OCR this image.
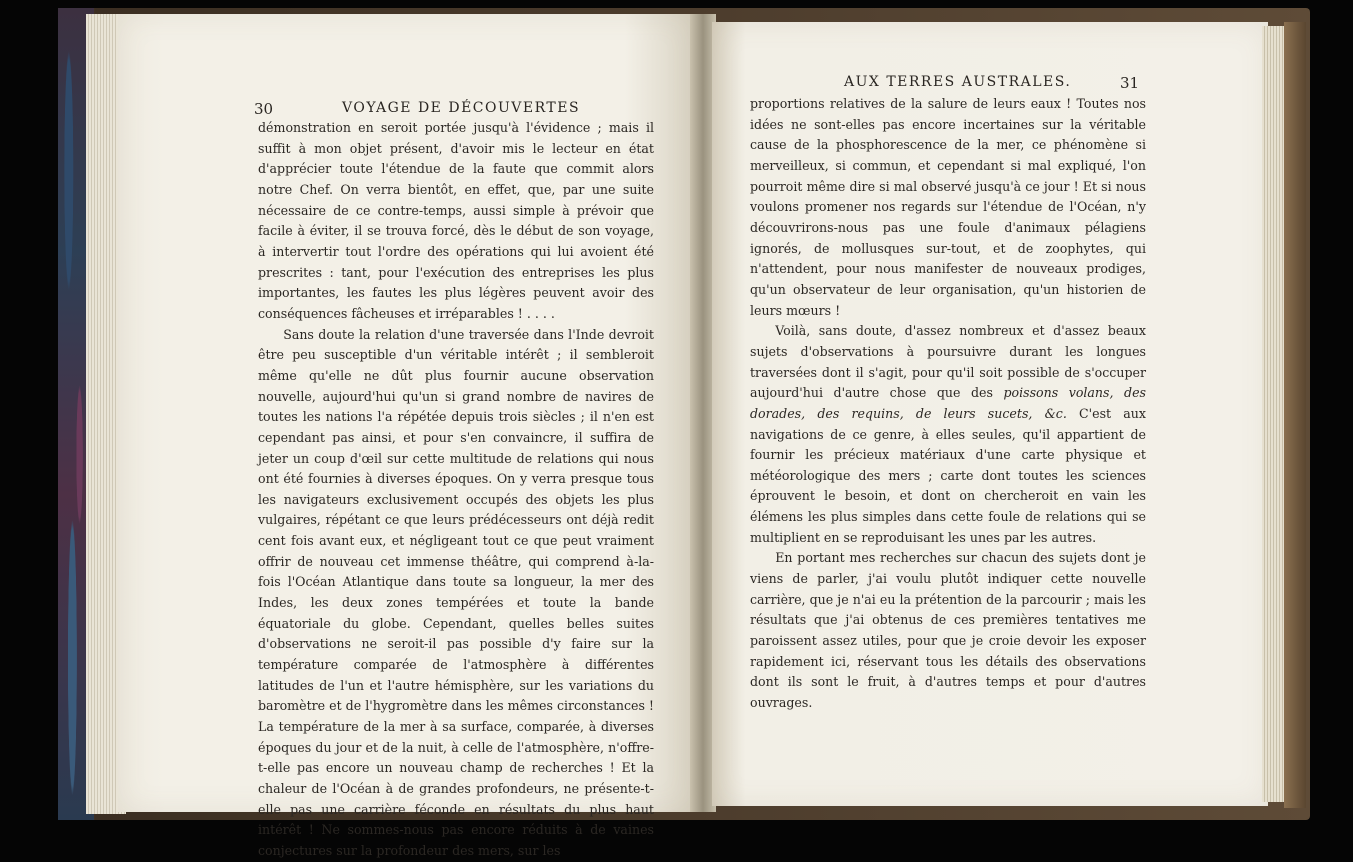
30	VOYAGE DE DÉCOUVERTES

démonstration en seroit portée jusqu'à l'évidence ; mais il suffit à mon objet présent, d'avoir mis le lecteur en état d'apprécier toute l'étendue de la faute que commit alors notre Chef. On verra bientôt, en effet, que, par une suite nécessaire de ce contre-temps, aussi simple à prévoir que facile à éviter, il se trouva forcé, dès le début de son voyage, à intervertir tout l'ordre des opérations qui lui avoient été prescrites : tant, pour l'exécution des entreprises les plus importantes, les fautes les plus légères peuvent avoir des conséquences fâcheuses et irréparables ! . . . .

Sans doute la relation d'une traversée dans l'Inde devroit être peu susceptible d'un véritable intérêt ; il sembleroit même qu'elle ne dût plus fournir aucune observation nouvelle, aujourd'hui qu'un si grand nombre de navires de toutes les nations l'a répétée depuis trois siècles ; il n'en est cependant pas ainsi, et pour s'en convaincre, il suffira de jeter un coup d'œil sur cette multitude de relations qui nous ont été fournies à diverses époques. On y verra presque tous les navigateurs exclusivement occupés des objets les plus vulgaires, répétant ce que leurs prédécesseurs ont déjà redit cent fois avant eux, et négligeant tout ce que peut vraiment offrir de nouveau cet immense théâtre, qui comprend à-la-fois l'Océan Atlantique dans toute sa longueur, la mer des Indes, les deux zones tempérées et toute la bande équatoriale du globe. Cependant, quelles belles suites d'observations ne seroit-il pas possible d'y faire sur la température comparée de l'atmosphère à différentes latitudes de l'un et l'autre hémisphère, sur les variations du baromètre et de l'hygromètre dans les mêmes circonstances ! La température de la mer à sa surface, comparée, à diverses époques du jour et de la nuit, à celle de l'atmosphère, n'offre-t-elle pas encore un nouveau champ de recherches ! Et la chaleur de l'Océan à de grandes profondeurs, ne présente-t-elle pas une carrière féconde en résultats du plus haut intérêt ! Ne sommes-nous pas encore réduits à de vaines conjectures sur la profondeur des mers, sur les

AUX TERRES AUSTRALES.	31

proportions relatives de la salure de leurs eaux ! Toutes nos idées ne sont-elles pas encore incertaines sur la véritable cause de la phosphorescence de la mer, ce phénomène si merveilleux, si commun, et cependant si mal expliqué, l'on pourroit même dire si mal observé jusqu'à ce jour ! Et si nous voulons promener nos regards sur l'étendue de l'Océan, n'y découvrirons-nous pas une foule d'animaux pélagiens ignorés, de mollusques sur-tout, et de zoophytes, qui n'attendent, pour nous manifester de nouveaux prodiges, qu'un observateur de leur organisation, qu'un historien de leurs mœurs !

Voilà, sans doute, d'assez nombreux et d'assez beaux sujets d'observations à poursuivre durant les longues traversées dont il s'agit, pour qu'il soit possible de s'occuper aujourd'hui d'autre chose que des poissons volans, des dorades, des requins, de leurs sucets, &c. C'est aux navigations de ce genre, à elles seules, qu'il appartient de fournir les précieux matériaux d'une carte physique et météorologique des mers ; carte dont toutes les sciences éprouvent le besoin, et dont on chercheroit en vain les élémens les plus simples dans cette foule de relations qui se multiplient en se reproduisant les unes par les autres.

En portant mes recherches sur chacun des sujets dont je viens de parler, j'ai voulu plutôt indiquer cette nouvelle carrière, que je n'ai eu la prétention de la parcourir ; mais les résultats que j'ai obtenus de ces premières tentatives me paroissent assez utiles, pour que je croie devoir les exposer rapidement ici, réservant tous les détails des observations dont ils sont le fruit, à d'autres temps et pour d'autres ouvrages.
